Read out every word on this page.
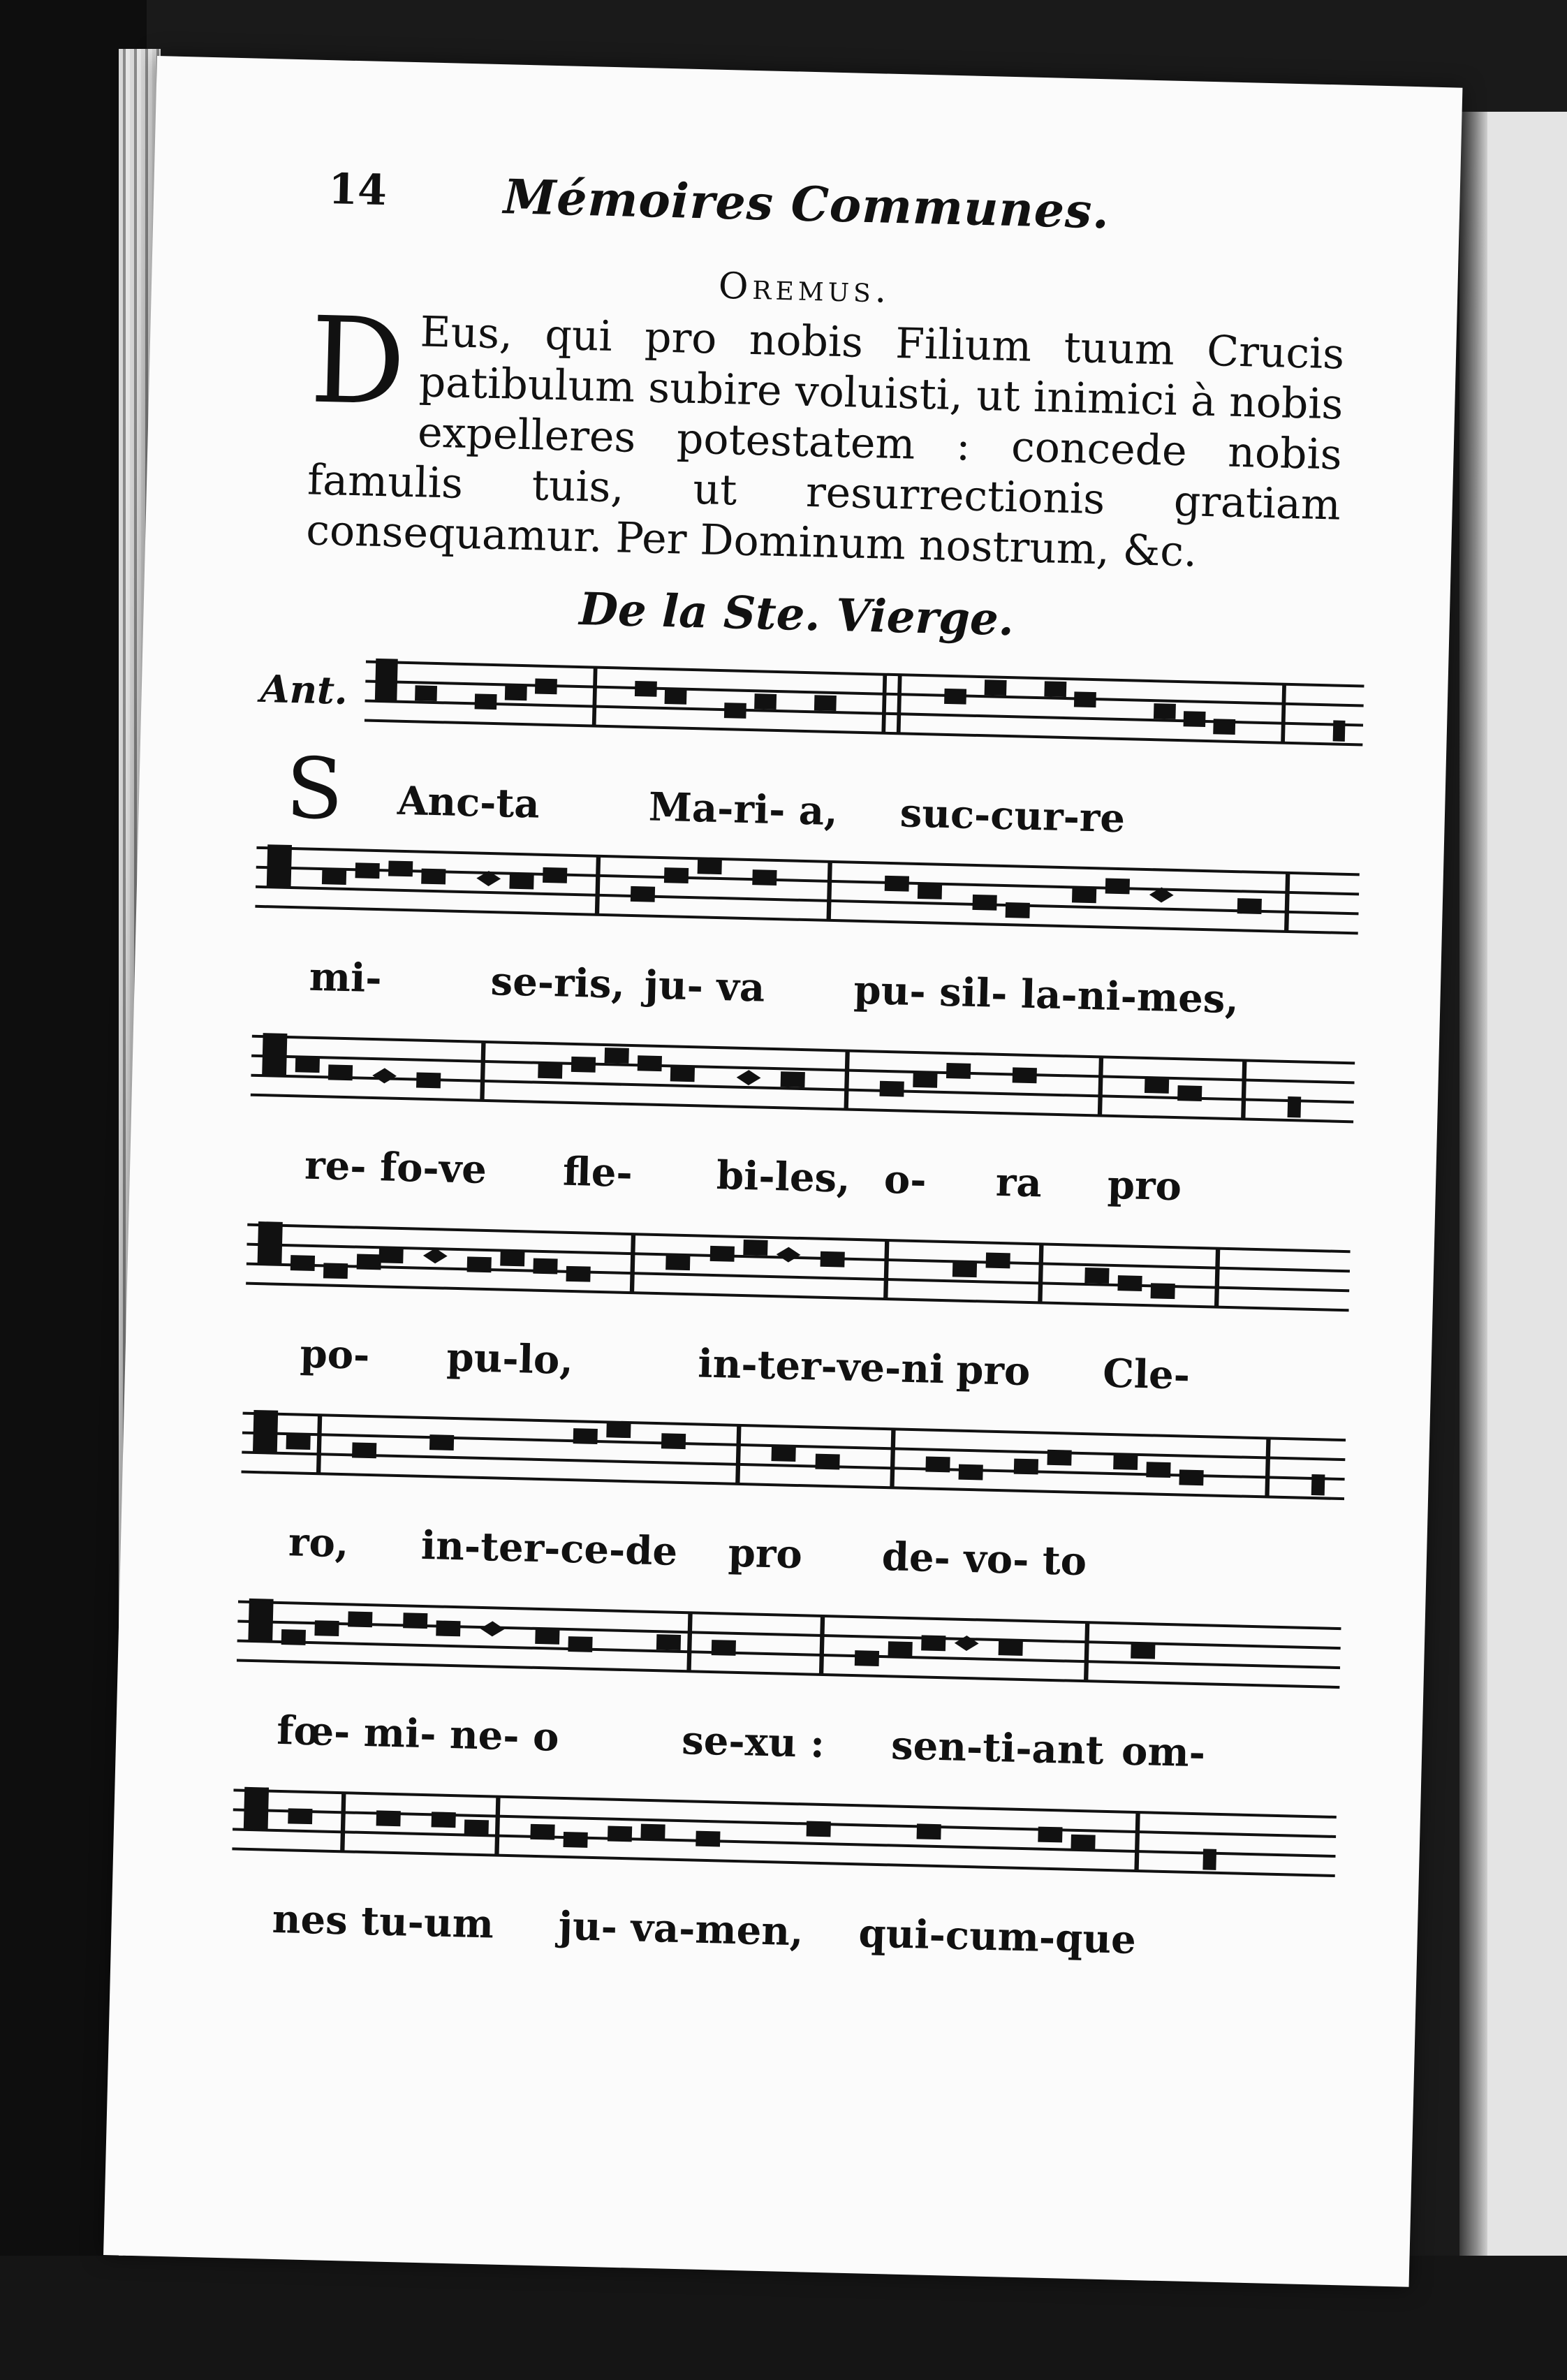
14	Mémoires Communes.
Oremus.
D Eus, qui pro nobis Filium tuum Crucis patibulum subire voluisti, ut inimici à nobis expelleres potestatem : concede nobis famulis tuis, ut resurrectionis gratiam consequamur. Per Dominum nostrum, &c.
De la Ste. Vierge.
Ant.
S Anc-ta	Ma-ri- a, suc-cur-re
mi-	se-ris, ju- va pu- sil- la-ni-mes,
re- fo-ve fle- bi-les, o- ra pro
po- pu-lo,	in-ter-ve-ni pro Cle-
ro, in-ter-ce-de pro de- vo- to
fœ- mi- ne- o	se-xu : sen-ti-ant om-
nes tu-um ju- va-men, qui-cum-que
